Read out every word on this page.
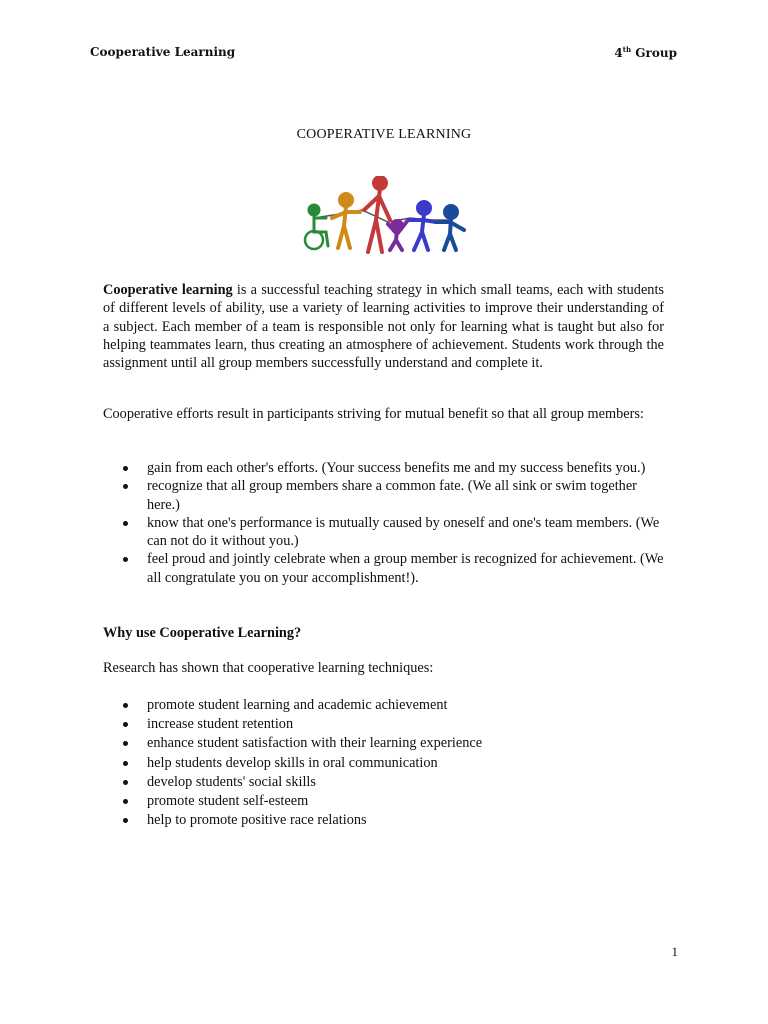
Cooperative Learning	4th Group
COOPERATIVE LEARNING
Cooperative learning is a successful teaching strategy in which small teams, each with students of different levels of ability, use a variety of learning activities to improve their understanding of a subject. Each member of a team is responsible not only for learning what is taught but also for helping teammates learn, thus creating an atmosphere of achievement. Students work through the assignment until all group members successfully understand and complete it.
Cooperative efforts result in participants striving for mutual benefit so that all group members:
gain from each other's efforts. (Your success benefits me and my success benefits you.)
recognize that all group members share a common fate. (We all sink or swim together here.)
know that one's performance is mutually caused by oneself and one's team members. (We can not do it without you.)
feel proud and jointly celebrate when a group member is recognized for achievement. (We all congratulate you on your accomplishment!).
Why use Cooperative Learning?
Research has shown that cooperative learning techniques:
promote student learning and academic achievement
increase student retention
enhance student satisfaction with their learning experience
help students develop skills in oral communication
develop students' social skills
promote student self-esteem
help to promote positive race relations
1
